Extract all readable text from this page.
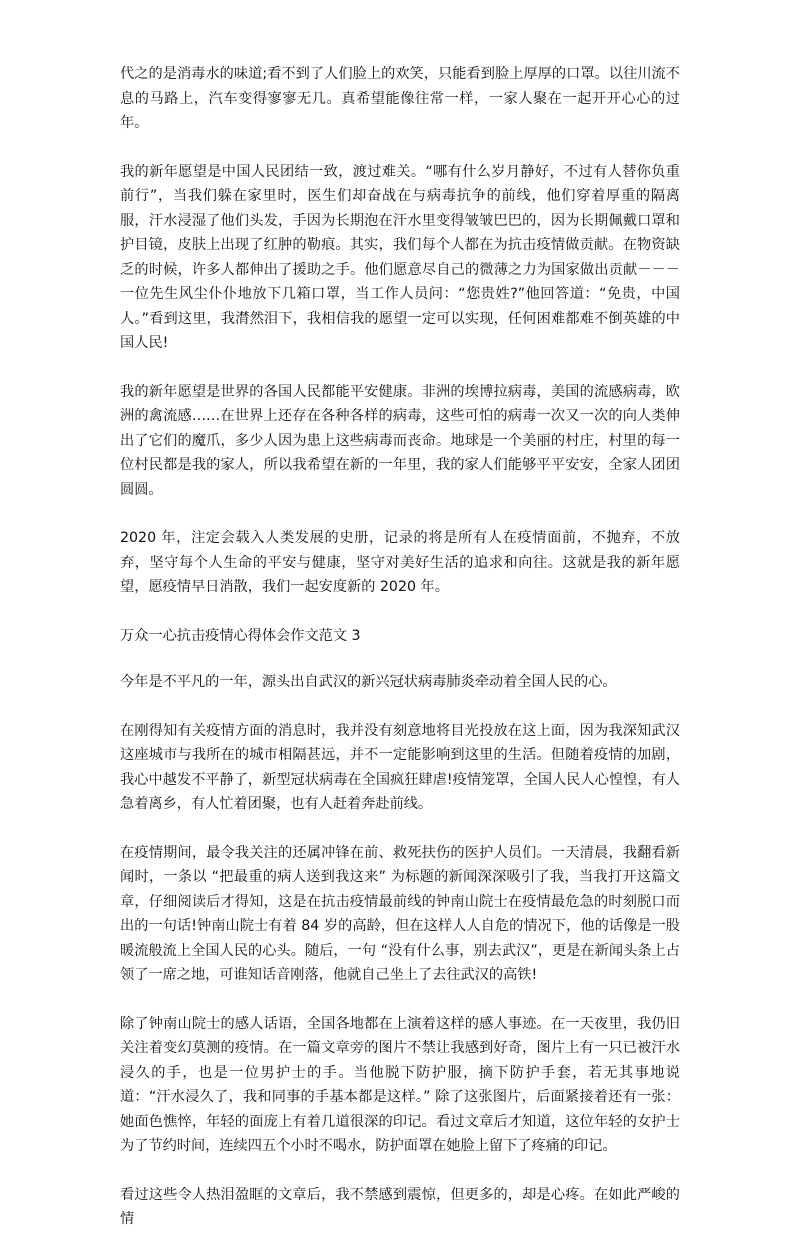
代之的是消毒水的味道;看不到了人们脸上的欢笑，只能看到脸上厚厚的口罩。以往川流不息的马路上，汽车变得寥寥无几。真希望能像往常一样，一家人聚在一起开开心心的过年。

我的新年愿望是中国人民团结一致，渡过难关。“哪有什么岁月静好，不过有人替你负重前行”，当我们躲在家里时，医生们却奋战在与病毒抗争的前线，他们穿着厚重的隔离服，汗水浸湿了他们头发，手因为长期泡在汗水里变得皱皱巴巴的，因为长期佩戴口罩和护目镜，皮肤上出现了红肿的勒痕。其实，我们每个人都在为抗击疫情做贡献。在物资缺乏的时候，许多人都伸出了援助之手。他们愿意尽自己的微薄之力为国家做出贡献－－－一位先生风尘仆仆地放下几箱口罩，当工作人员问：“您贵姓?”他回答道：“免贵，中国人。”看到这里，我潸然泪下，我相信我的愿望一定可以实现，任何困难都难不倒英雄的中国人民!

我的新年愿望是世界的各国人民都能平安健康。非洲的埃博拉病毒，美国的流感病毒，欧洲的禽流感……在世界上还存在各种各样的病毒，这些可怕的病毒一次又一次的向人类伸出了它们的魔爪，多少人因为患上这些病毒而丧命。地球是一个美丽的村庄，村里的每一位村民都是我的家人，所以我希望在新的一年里，我的家人们能够平平安安，全家人团团圆圆。

2020 年，注定会载入人类发展的史册，记录的将是所有人在疫情面前，不抛弃，不放弃，坚守每个人生命的平安与健康，坚守对美好生活的追求和向往。这就是我的新年愿望，愿疫情早日消散，我们一起安度新的 2020 年。

万众一心抗击疫情心得体会作文范文 3

今年是不平凡的一年，源头出自武汉的新兴冠状病毒肺炎牵动着全国人民的心。

在刚得知有关疫情方面的消息时，我并没有刻意地将目光投放在这上面，因为我深知武汉这座城市与我所在的城市相隔甚远，并不一定能影响到这里的生活。但随着疫情的加剧，我心中越发不平静了，新型冠状病毒在全国疯狂肆虐!疫情笼罩，全国人民人心惶惶，有人急着离乡，有人忙着团聚，也有人赶着奔赴前线。

在疫情期间，最令我关注的还属冲锋在前、救死扶伤的医护人员们。一天清晨，我翻看新闻时，一条以 “把最重的病人送到我这来” 为标题的新闻深深吸引了我，当我打开这篇文章，仔细阅读后才得知，这是在抗击疫情最前线的钟南山院士在疫情最危急的时刻脱口而出的一句话!钟南山院士有着 84 岁的高龄，但在这样人人自危的情况下，他的话像是一股暖流般流上全国人民的心头。随后，一句 “没有什么事，别去武汉”，更是在新闻头条上占领了一席之地，可谁知话音刚落，他就自己坐上了去往武汉的高铁!

除了钟南山院士的感人话语，全国各地都在上演着这样的感人事迹。在一天夜里，我仍旧关注着变幻莫测的疫情。在一篇文章旁的图片不禁让我感到好奇，图片上有一只已被汗水浸久的手，也是一位男护士的手。当他脱下防护服，摘下防护手套，若无其事地说道：“汗水浸久了，我和同事的手基本都是这样。” 除了这张图片，后面紧接着还有一张：她面色憔悴，年轻的面庞上有着几道很深的印记。看过文章后才知道，这位年轻的女护士为了节约时间，连续四五个小时不喝水，防护面罩在她脸上留下了疼痛的印记。

看过这些令人热泪盈眶的文章后，我不禁感到震惊，但更多的，却是心疼。在如此严峻的情
